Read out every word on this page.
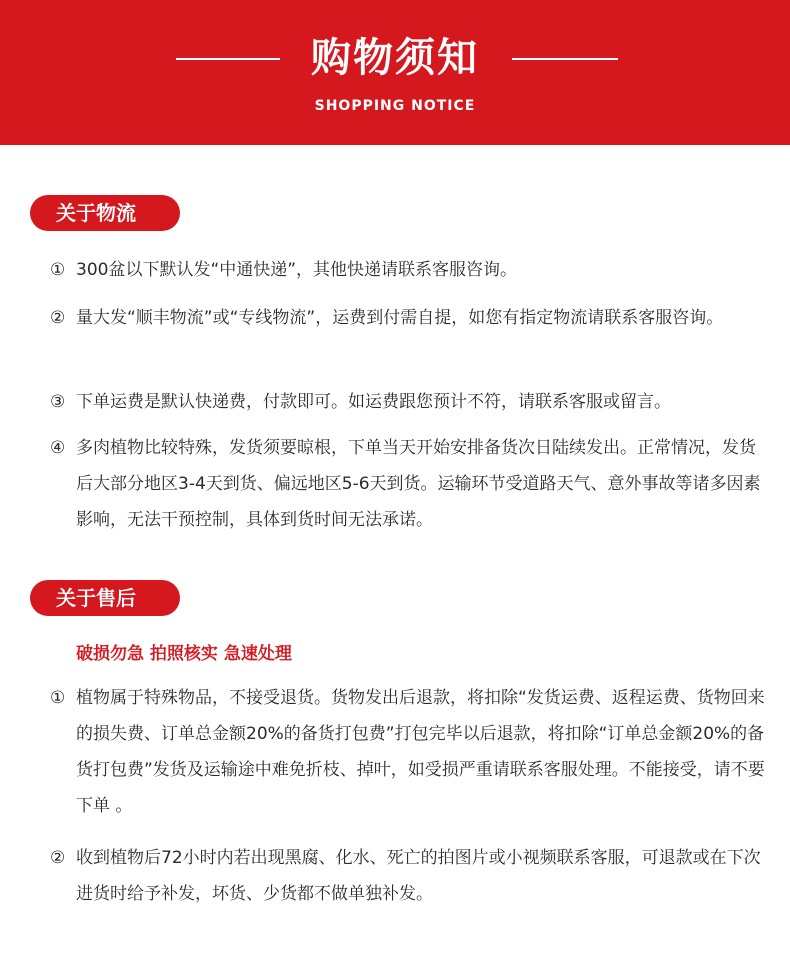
购物须知
SHOPPING NOTICE
关于物流
① 300盆以下默认发“中通快递”，其他快递请联系客服咨询。
② 量大发“顺丰物流”或“专线物流”，运费到付需自提，如您有指定物流请联系客服咨询。
③ 下单运费是默认快递费，付款即可。如运费跟您预计不符，请联系客服或留言。
④ 多肉植物比较特殊，发货须要晾根，下单当天开始安排备货次日陆续发出。正常情况，发货后大部分地区3-4天到货、偏远地区5-6天到货。运输环节受道路天气、意外事故等诸多因素影响，无法干预控制，具体到货时间无法承诺。
关于售后
破损勿急 拍照核实 急速处理
① 植物属于特殊物品，不接受退货。货物发出后退款，将扣除“发货运费、返程运费、货物回来的损失费、订单总金额20%的备货打包费”打包完毕以后退款，将扣除“订单总金额20%的备货打包费”发货及运输途中难免折枝、掉叶，如受损严重请联系客服处理。不能接受，请不要下单 。
② 收到植物后72小时内若出现黑腐、化水、死亡的拍图片或小视频联系客服，可退款或在下次进货时给予补发，坏货、少货都不做单独补发。
